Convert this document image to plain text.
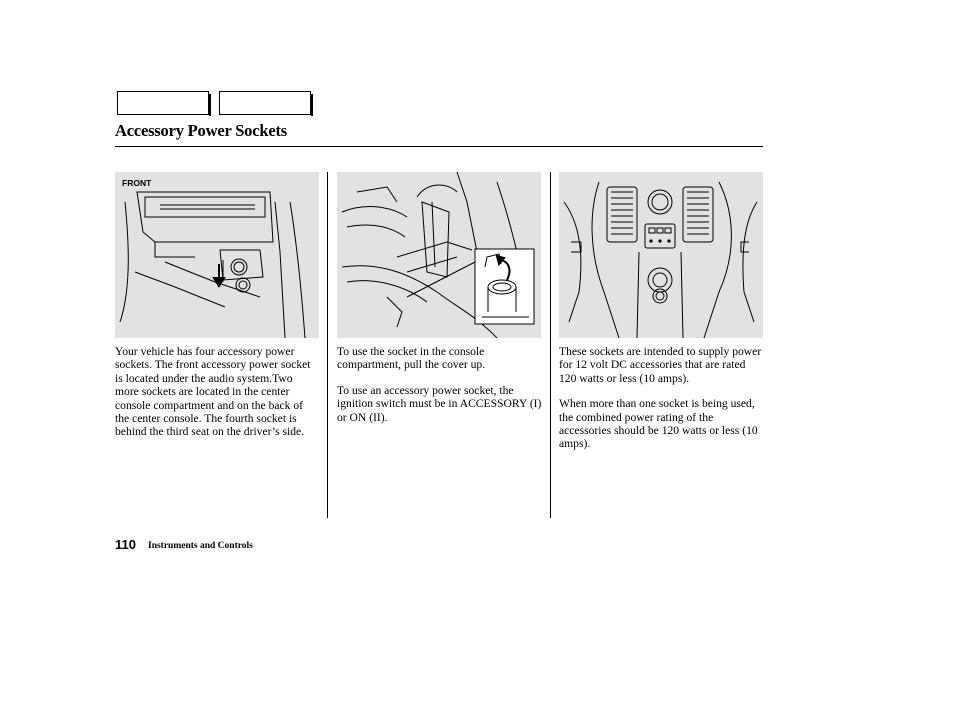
Accessory Power Sockets
FRONT

Your vehicle has four accessory power sockets. The front accessory power socket is located under the audio system.Two more sockets are located in the center console compartment and on the back of the center console. The fourth socket is behind the third seat on the driver’s side.

To use the socket in the console compartment, pull the cover up.

To use an accessory power socket, the ignition switch must be in ACCESSORY (I) or ON (II).

These sockets are intended to supply power for 12 volt DC accessories that are rated 120 watts or less (10 amps).

When more than one socket is being used, the combined power rating of the accessories should be 120 watts or less (10 amps).

110 Instruments and Controls
